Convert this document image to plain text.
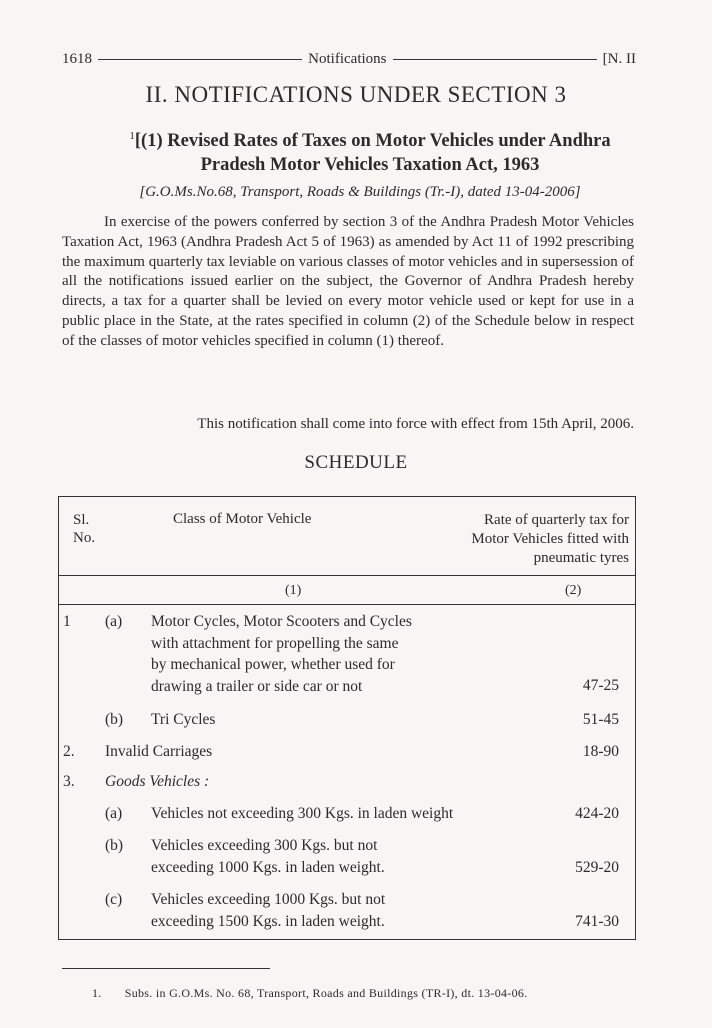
1618	Notifications	[N. II
II. NOTIFICATIONS UNDER SECTION 3
$^1$[(1) Revised Rates of Taxes on Motor Vehicles under Andhra
Pradesh Motor Vehicles Taxation Act, 1963
[G.O.Ms.No.68, Transport, Roads & Buildings (Tr.-I), dated 13-04-2006]

In exercise of the powers conferred by section 3 of the Andhra Pradesh Motor Vehicles Taxation Act, 1963 (Andhra Pradesh Act 5 of 1963) as amended by Act 11 of 1992 prescribing the maximum quarterly tax leviable on various classes of motor vehicles and in supersession of all the notifications issued earlier on the subject, the Governor of Andhra Pradesh hereby directs, a tax for a quarter shall be levied on every motor vehicle used or kept for use in a public place in the State, at the rates specified in column (2) of the Schedule below in respect of the classes of motor vehicles specified in column (1) thereof.

This notification shall come into force with effect from 15th April, 2006.

SCHEDULE
Sl.
No.
Class of Motor Vehicle	Rate of quarterly tax for
Motor Vehicles fitted with
pneumatic tyres
(1)	(2)
1 (a) Motor Cycles, Motor Scooters and Cycles
with attachment for propelling the same
by mechanical power, whether used for
drawing a trailer or side car or not	47-25
(b) Tri Cycles	51-45
2. Invalid Carriages	18-90
3. Goods Vehicles :
(a) Vehicles not exceeding 300 Kgs. in laden weight	424-20
(b) Vehicles exceeding 300 Kgs. but not
exceeding 1000 Kgs. in laden weight.	529-20
(c) Vehicles exceeding 1000 Kgs. but not
exceeding 1500 Kgs. in laden weight.	741-30
1. Subs. in G.O.Ms. No. 68, Transport, Roads and Buildings (TR-I), dt. 13-04-06.
